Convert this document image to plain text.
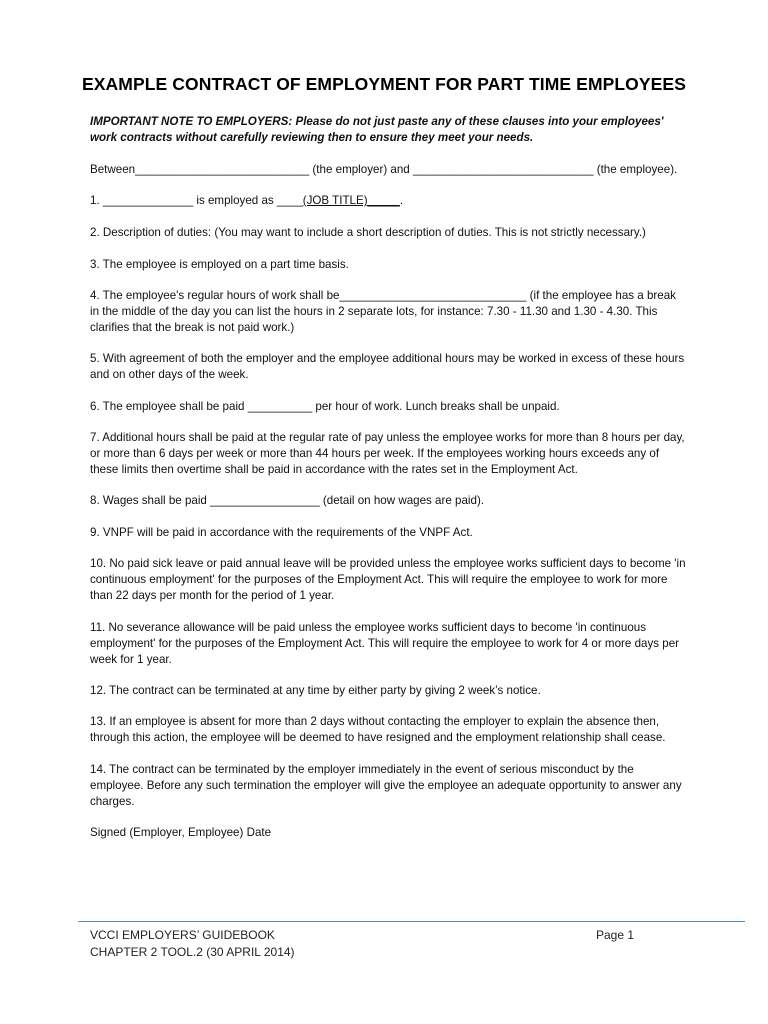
EXAMPLE CONTRACT OF EMPLOYMENT FOR PART TIME EMPLOYEES
IMPORTANT NOTE TO EMPLOYERS: Please do not just paste any of these clauses into your employees' work contracts without carefully reviewing then to ensure they meet your needs.
Between___________________________ (the employer) and ____________________________ (the employee).
1. ______________ is employed as ____(JOB TITLE)_____.
2. Description of duties: (You may want to include a short description of duties. This is not strictly necessary.)
3. The employee is employed on a part time basis.
4. The employee's regular hours of work shall be_____________________________ (if the employee has a break in the middle of the day you can list the hours in 2 separate lots, for instance: 7.30 - 11.30 and 1.30 - 4.30. This clarifies that the break is not paid work.)
5. With agreement of both the employer and the employee additional hours may be worked in excess of these hours and on other days of the week.
6. The employee shall be paid __________ per hour of work. Lunch breaks shall be unpaid.
7. Additional hours shall be paid at the regular rate of pay unless the employee works for more than 8 hours per day, or more than 6 days per week or more than 44 hours per week. If the employees working hours exceeds any of these limits then overtime shall be paid in accordance with the rates set in the Employment Act.
8. Wages shall be paid _________________ (detail on how wages are paid).
9. VNPF will be paid in accordance with the requirements of the VNPF Act.
10. No paid sick leave or paid annual leave will be provided unless the employee works sufficient days to become 'in continuous employment' for the purposes of the Employment Act. This will require the employee to work for more than 22 days per month for the period of 1 year.
11. No severance allowance will be paid unless the employee works sufficient days to become 'in continuous employment' for the purposes of the Employment Act. This will require the employee to work for 4 or more days per week for 1 year.
12. The contract can be terminated at any time by either party by giving 2 week’s notice.
13. If an employee is absent for more than 2 days without contacting the employer to explain the absence then, through this action, the employee will be deemed to have resigned and the employment relationship shall cease.
14. The contract can be terminated by the employer immediately in the event of serious misconduct by the employee. Before any such termination the employer will give the employee an adequate opportunity to answer any charges.
Signed (Employer, Employee) Date
VCCI EMPLOYERS’ GUIDEBOOK
CHAPTER 2 TOOL.2 (30 APRIL 2014)
Page 1
